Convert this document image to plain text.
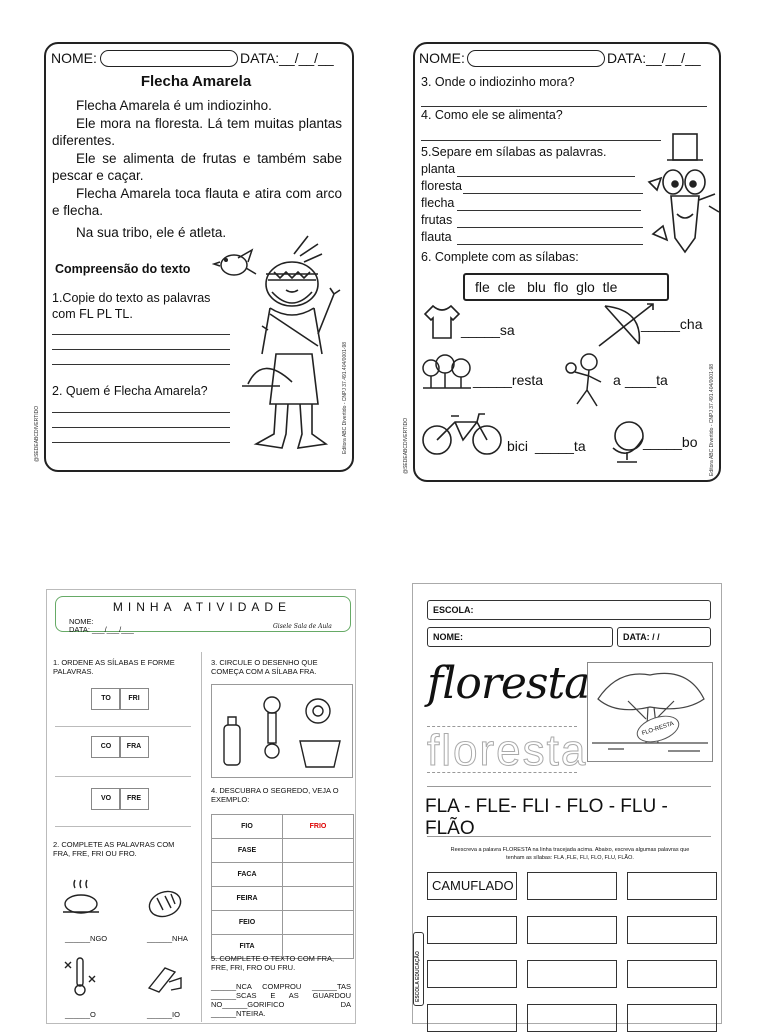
NOME:	DATA:__/__/__
Flecha Amarela

Flecha Amarela é um indiozinho.

Ele mora na floresta. Lá tem muitas plantas diferentes.

Ele se alimenta de frutas e também sabe pescar e caçar.

Flecha Amarela toca flauta e atira com arco e flecha.

Na sua tribo, ele é atleta.

Compreensão do texto
1.Copie do texto as palavras com FL PL TL.
2. Quem é Flecha Amarela?	Editora ABC Divertido - CNPJ 37.491.404/0001-98
@SEDEABCDIVERTIDO
NOME:	DATA:__/__/__
3. Onde o indiozinho mora?
4. Como ele se alimenta?
5.Separe em sílabas as palavras.
planta
floresta
flecha
frutas
flauta
6. Complete com as sílabas:
fle  cle   blu  flo  glo  tle
_____sa	_____cha
_____resta	a ____ta
bici _____ta	_____bo Editora ABC Divertido - CNPJ 37.491.404/0001-98
@SEDEABCDIVERTIDO
MINHA ATIVIDADE
NOME:
DATA: ___/___/___	Gisele Sala de Aula
1. ORDENE AS SÍLABAS E FORME PALAVRAS.
TO	FRI
CO	FRA
VO	FRE
2. COMPLETE AS PALAVRAS COM FRA, FRE, FRI OU FRO.
______NGO	______NHA
______O	______IO
3. CIRCULE O DESENHO QUE COMEÇA COM A SÍLABA FRA.
4. DESCUBRA O SEGREDO, VEJA O EXEMPLO:
FIO	FRIO
FASE	
FACA	
FEIRA	
FEIO	
FITA	
5. COMPLETE O TEXTO COM FRA, FRE, FRI, FRO OU FRU.
______NCA COMPROU ______TAS ______SCAS E AS GUARDOU NO______GORIFICO DA ______NTEIRA.
ESCOLA:
NOME:	DATA: / /
floresta
floresta	FLO-RESTA
FLA - FLE- FLI - FLO - FLU - FLÃO
Reescreva a palavra FLORESTA na linha tracejada acima. Abaixo, escreva algumas palavras que tenham as sílabas: FLA ,FLE, FLI, FLO, FLU, FLÃO.
CAMUFLADO
ESCOLA EDUCAÇÃO
